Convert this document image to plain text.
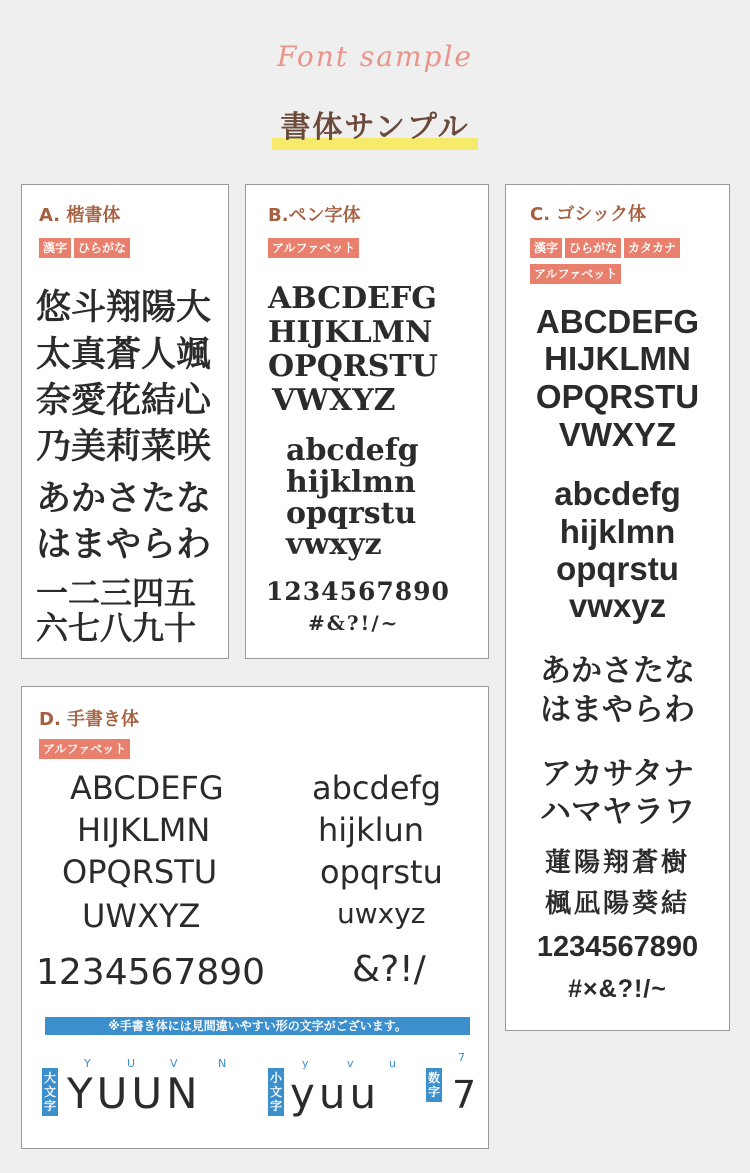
Font sample
書体サンプル
A. 楷書体
漢字 ひらがな
悠斗翔陽大
太真蒼人颯
奈愛花結心
乃美莉菜咲
あかさたな
はまやらわ
一二三四五
六七八九十
B.ペン字体
アルファベット
ABCDEFG
HIJKLMN
OPQRSTU
VWXYZ
abcdefg
hijklmn
opqrstu
vwxyz
1234567890
#&?!/~
C. ゴシック体
漢字 ひらがな カタカナアルファベット
ABCDEFG
HIJKLMN
OPQRSTU
VWXYZ
abcdefg
hijklmn
opqrstu
vwxyz
あかさたな
はまやらわ
アカサタナ
ハマヤラワ
蓮陽翔蒼樹
楓凪陽葵結
1234567890
#×&?!/~
D. 手書き体
アルファベット
ABCDEFG
HIJKLMN
OPQRSTU
UWXYZ
abcdefg
hijklun
opqrstu
uwxyz
1234567890 &?!/
Y	U	V	N	y	v	u	7
YUUN yuu 7
※手書き体には見間違いやすい形の文字がございます。
大
文
字
小
文
字
数
字
